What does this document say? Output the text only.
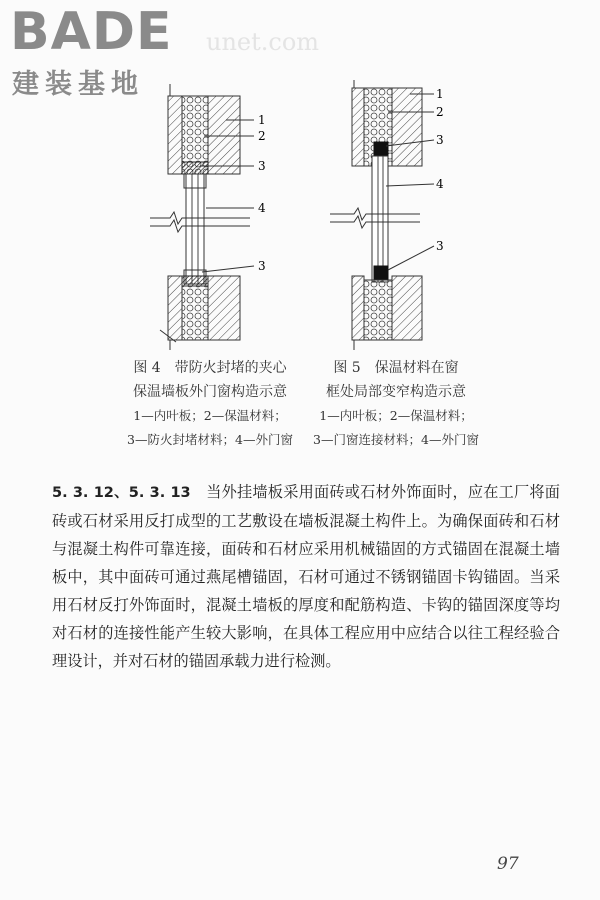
BADE
建装基地
unet.com
1
2
3
4
3
1
2
3
4
3
图 4　带防火封堵的夹心
保温墙板外门窗构造示意
1—内叶板；2—保温材料；
3—防火封堵材料；4—外门窗
图 5　保温材料在窗
框处局部变窄构造示意
1—内叶板；2—保温材料；
3—门窗连接材料；4—外门窗
5. 3. 12、5. 3. 13　当外挂墙板采用面砖或石材外饰面时，应在工厂将面砖或石材采用反打成型的工艺敷设在墙板混凝土构件上。为确保面砖和石材与混凝土构件可靠连接，面砖和石材应采用机械锚固的方式锚固在混凝土墙板中，其中面砖可通过燕尾槽锚固，石材可通过不锈钢锚固卡钩锚固。当采用石材反打外饰面时，混凝土墙板的厚度和配筋构造、卡钩的锚固深度等均对石材的连接性能产生较大影响，在具体工程应用中应结合以往工程经验合理设计，并对石材的锚固承载力进行检测。
97
